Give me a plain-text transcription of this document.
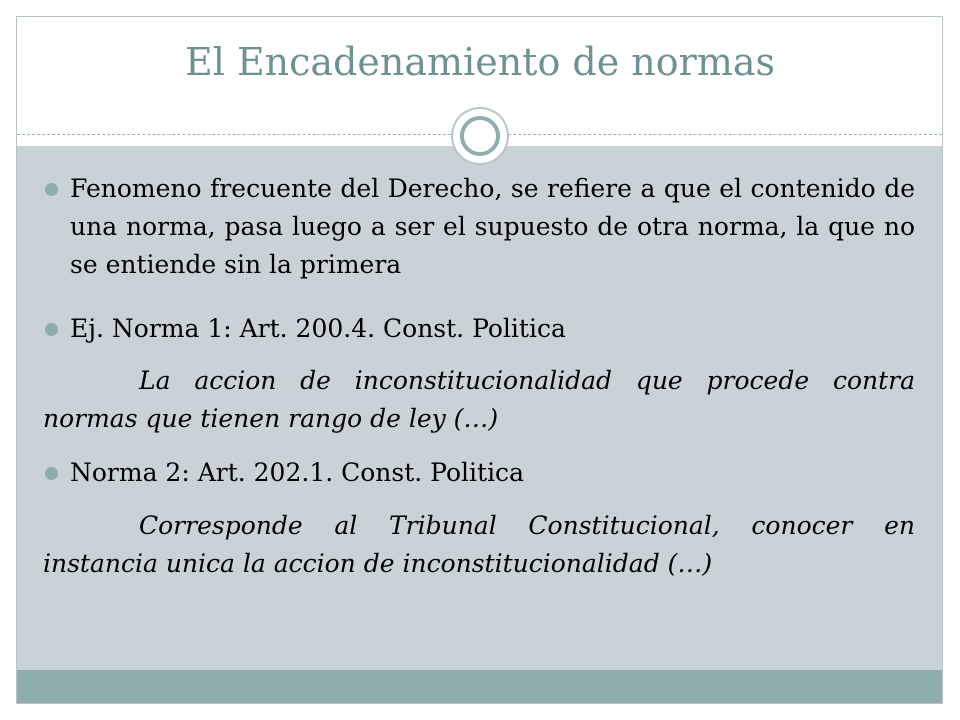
El Encadenamiento de normas
Fenomeno frecuente del Derecho, se refiere a que el contenido de una norma, pasa luego a ser el supuesto de otra norma, la que no se entiende sin la primera
Ej. Norma 1: Art. 200.4. Const. Politica
La accion de inconstitucionalidad que procede contra normas que tienen rango de ley (…)
Norma 2: Art. 202.1. Const. Politica
Corresponde al Tribunal Constitucional, conocer en instancia unica la accion de inconstitucionalidad (…)
